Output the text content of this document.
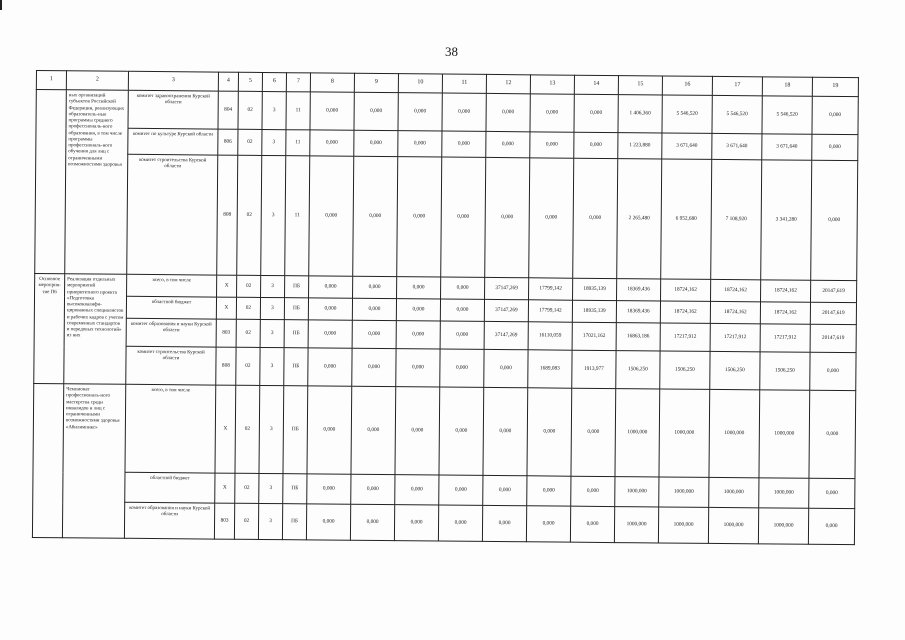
38
1	2	3	4	5	6	7	8	9	10	11	12	13	14	15	16	17	18	19
	ных организаций субъектов Российской Федерации, реализующих образователь-ные программы среднего профессиональ-ного образования, в том числе программы профессиональ-ного обучения для лиц с ограниченными возможностями здоровья	комитет здравоохранения Курской области	804	02	3	11	0,000	0,000	0,000	0,000	0,000	0,000	0,000	1 406,360	5 546,520	5 546,520	5 546,520	0,000
		комитет по культуре Курской области	806	02	3	11	0,000	0,000	0,000	0,000	0,000	0,000	0,000	1 223,880	3 671,640	3 671,640	3 671,640	0,000
		комитет строительства Курской области	808	02	3	11	0,000	0,000	0,000	0,000	0,000	0,000	0,000	2 265,480	6 952,680	7 108,920	3 341,280	0,000
Основное мероприя-тие П6	Реализация отдельных мероприятий приоритетного проекта «Подготовка высококвалифи-цированных специалистов и рабочих кадров с учетом современных стандартов и передовых технологий» из них	всего, в том числе	X	02	3	ПБ	0,000	0,000	0,000	0,000	37147,269	17799,142	18935,139	18369,436	18724,162	18724,162	18724,162	20147,619
		областной бюджет	X	02	3	ПБ	0,000	0,000	0,000	0,000	37147,269	17799,142	18935,139	18369,436	18724,162	18724,162	18724,162	20147,619
		комитет образования и науки Курской области	803	02	3	ПБ	0,000	0,000	0,000	0,000	37147,269	16110,059	17021,162	16863,186	17217,912	17217,912	17217,912	20147,619
		комитет строительства Курской области	808	02	3	ПБ	0,000	0,000	0,000	0,000	0,000	1689,083	1913,977	1506,250	1506,250	1506,250	1506,250	0,000
	Чемпионат профессиональ-ного мастерства среди инвалидов и лиц с ограниченными возможностями здоровья «Абилимпикс»	всего, в том числе	X	02	3	ПБ	0,000	0,000	0,000	0,000	0,000	0,000	0,000	1000,000	1000,000	1000,000	1000,000	0,000
		областной бюджет	X	02	3	ПБ	0,000	0,000	0,000	0,000	0,000	0,000	0,000	1000,000	1000,000	1000,000	1000,000	0,000
		комитет образования и науки Курской области	803	02	3	ПБ	0,000	0,000	0,000	0,000	0,000	0,000	0,000	1000,000	1000,000	1000,000	1000,000	0,000
